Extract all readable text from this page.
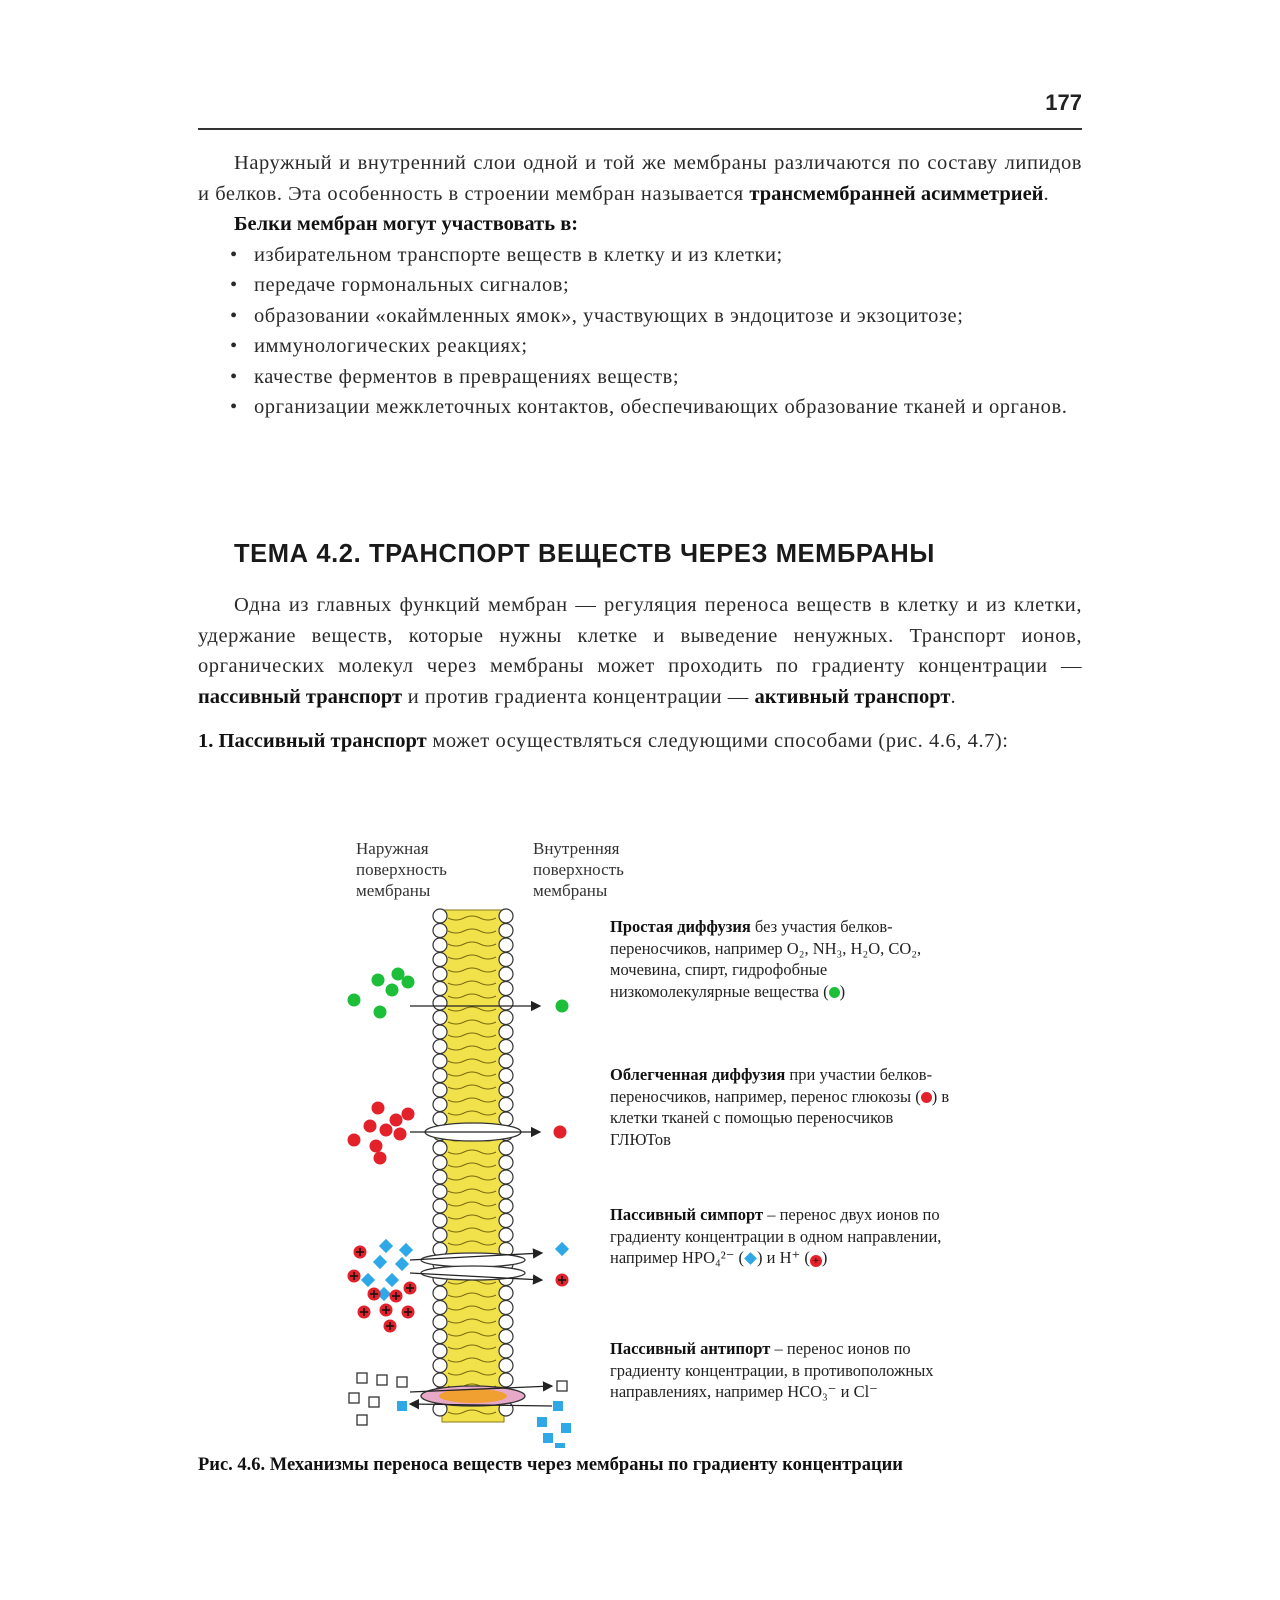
177

Наружный и внутренний слои одной и той же мембраны различаются по составу липидов и белков. Эта особенность в строении мембран называется трансмембранней асимметрией.

Белки мембран могут участвовать в:

• избирательном транспорте веществ в клетку и из клетки;
• передаче гормональных сигналов;
• образовании «окаймленных ямок», участвующих в эндоцитозе и экзоцитозе;
• иммунологических реакциях;
• качестве ферментов в превращениях веществ;
• организации межклеточных контактов, обеспечивающих образование тканей и органов.
ТЕМА 4.2. ТРАНСПОРТ ВЕЩЕСТВ ЧЕРЕЗ МЕМБРАНЫ

Одна из главных функций мембран — регуляция переноса веществ в клетку и из клетки, удержание веществ, которые нужны клетке и выведение ненужных. Транспорт ионов, органических молекул через мембраны может проходить по градиенту концентрации — пассивный транспорт и против градиента концентрации — активный транспорт.

1. Пассивный транспорт может осуществляться следующими способами (рис. 4.6, 4.7):

Наружная
поверхность
мембраны
Внутренняя
поверхность
мембраны
Простая диффузия без участия белков-переносчиков, например O₂, NH₃, H₂O, CO₂, мочевина, спирт, гидрофобные низкомолекулярные вещества ( )
Облегченная диффузия при участии белков-переносчиков, например, перенос глюкозы ( ) в клетки тканей с помощью переносчиков ГЛЮТов
Пассивный симпорт – перенос двух ионов по градиенту концентрации в одном направлении, например HPO₄²⁻ ( ) и H⁺ ( + )
Пассивный антипорт – перенос ионов по градиенту концентрации, в противоположных направлениях, например HCO₃⁻ и Cl⁻
Рис. 4.6. Механизмы переноса веществ через мембраны по градиенту концентрации
